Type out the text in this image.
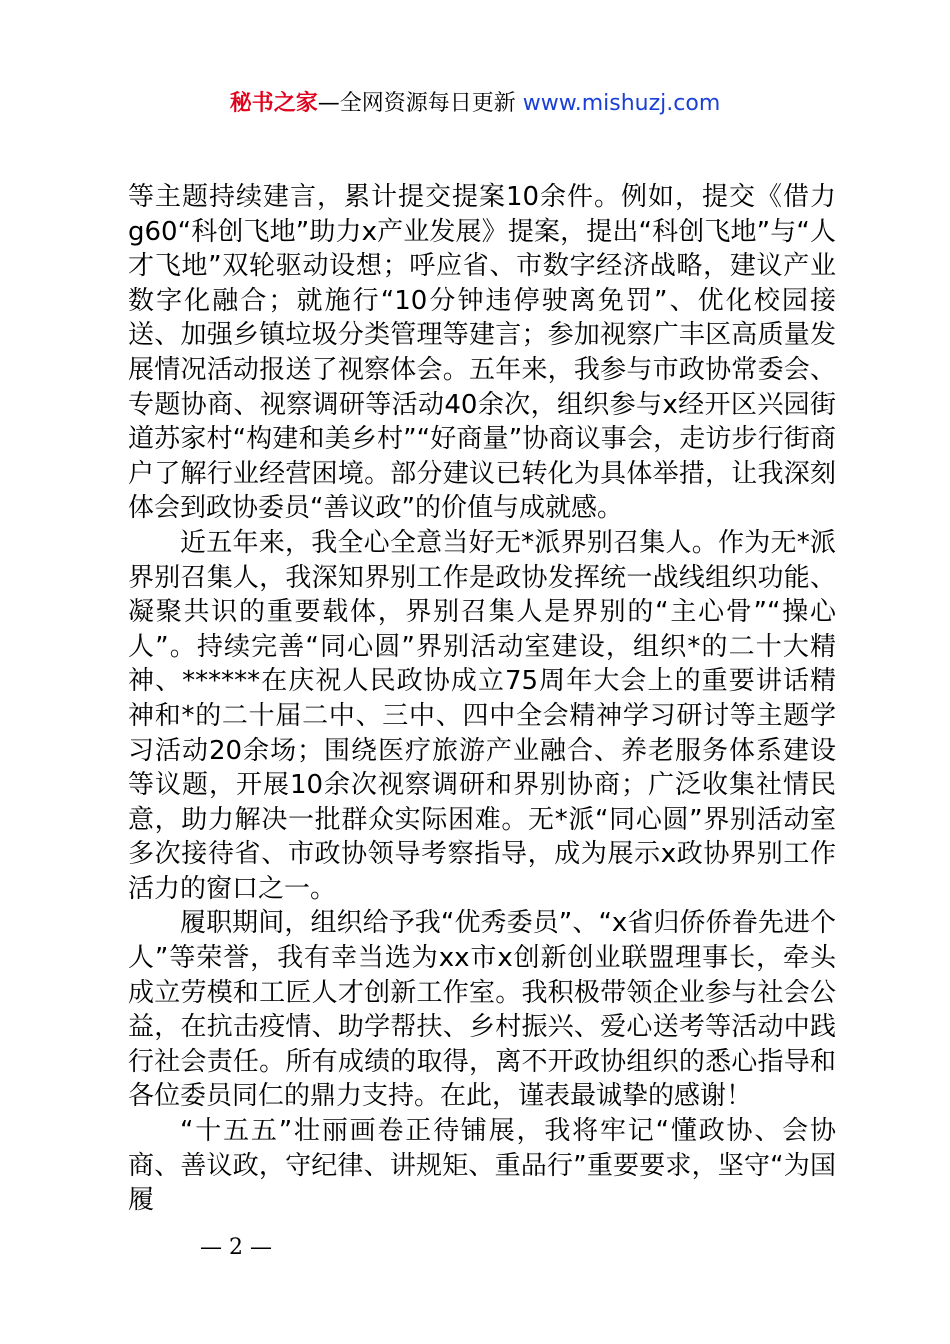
秘书之家—全网资源每日更新 www.mishuzj.com

等主题持续建言，累计提交提案10余件。例如，提交《借力g60“科创飞地”助力x产业发展》提案，提出“科创飞地”与“人才飞地”双轮驱动设想；呼应省、市数字经济战略，建议产业数字化融合；就施行“10分钟违停驶离免罚”、优化校园接送、加强乡镇垃圾分类管理等建言；参加视察广丰区高质量发展情况活动报送了视察体会。五年来，我参与市政协常委会、专题协商、视察调研等活动40余次，组织参与x经开区兴园街道苏家村“构建和美乡村”“好商量”协商议事会，走访步行街商户了解行业经营困境。部分建议已转化为具体举措，让我深刻体会到政协委员“善议政”的价值与成就感。

近五年来，我全心全意当好无*派界别召集人。作为无*派界别召集人，我深知界别工作是政协发挥统一战线组织功能、凝聚共识的重要载体，界别召集人是界别的“主心骨”“操心人”。持续完善“同心圆”界别活动室建设，组织*的二十大精神、******在庆祝人民政协成立75周年大会上的重要讲话精神和*的二十届二中、三中、四中全会精神学习研讨等主题学习活动20余场；围绕医疗旅游产业融合、养老服务体系建设等议题，开展10余次视察调研和界别协商；广泛收集社情民意，助力解决一批群众实际困难。无*派“同心圆”界别活动室多次接待省、市政协领导考察指导，成为展示x政协界别工作活力的窗口之一。

履职期间，组织给予我“优秀委员”、“x省归侨侨眷先进个人”等荣誉，我有幸当选为xx市x创新创业联盟理事长，牵头成立劳模和工匠人才创新工作室。我积极带领企业参与社会公益，在抗击疫情、助学帮扶、乡村振兴、爱心送考等活动中践行社会责任。所有成绩的取得，离不开政协组织的悉心指导和各位委员同仁的鼎力支持。在此，谨表最诚挚的感谢！

“十五五”壮丽画卷正待铺展，我将牢记“懂政协、会协商、善议政，守纪律、讲规矩、重品行”重要要求，坚守“为国履

— 2 —
